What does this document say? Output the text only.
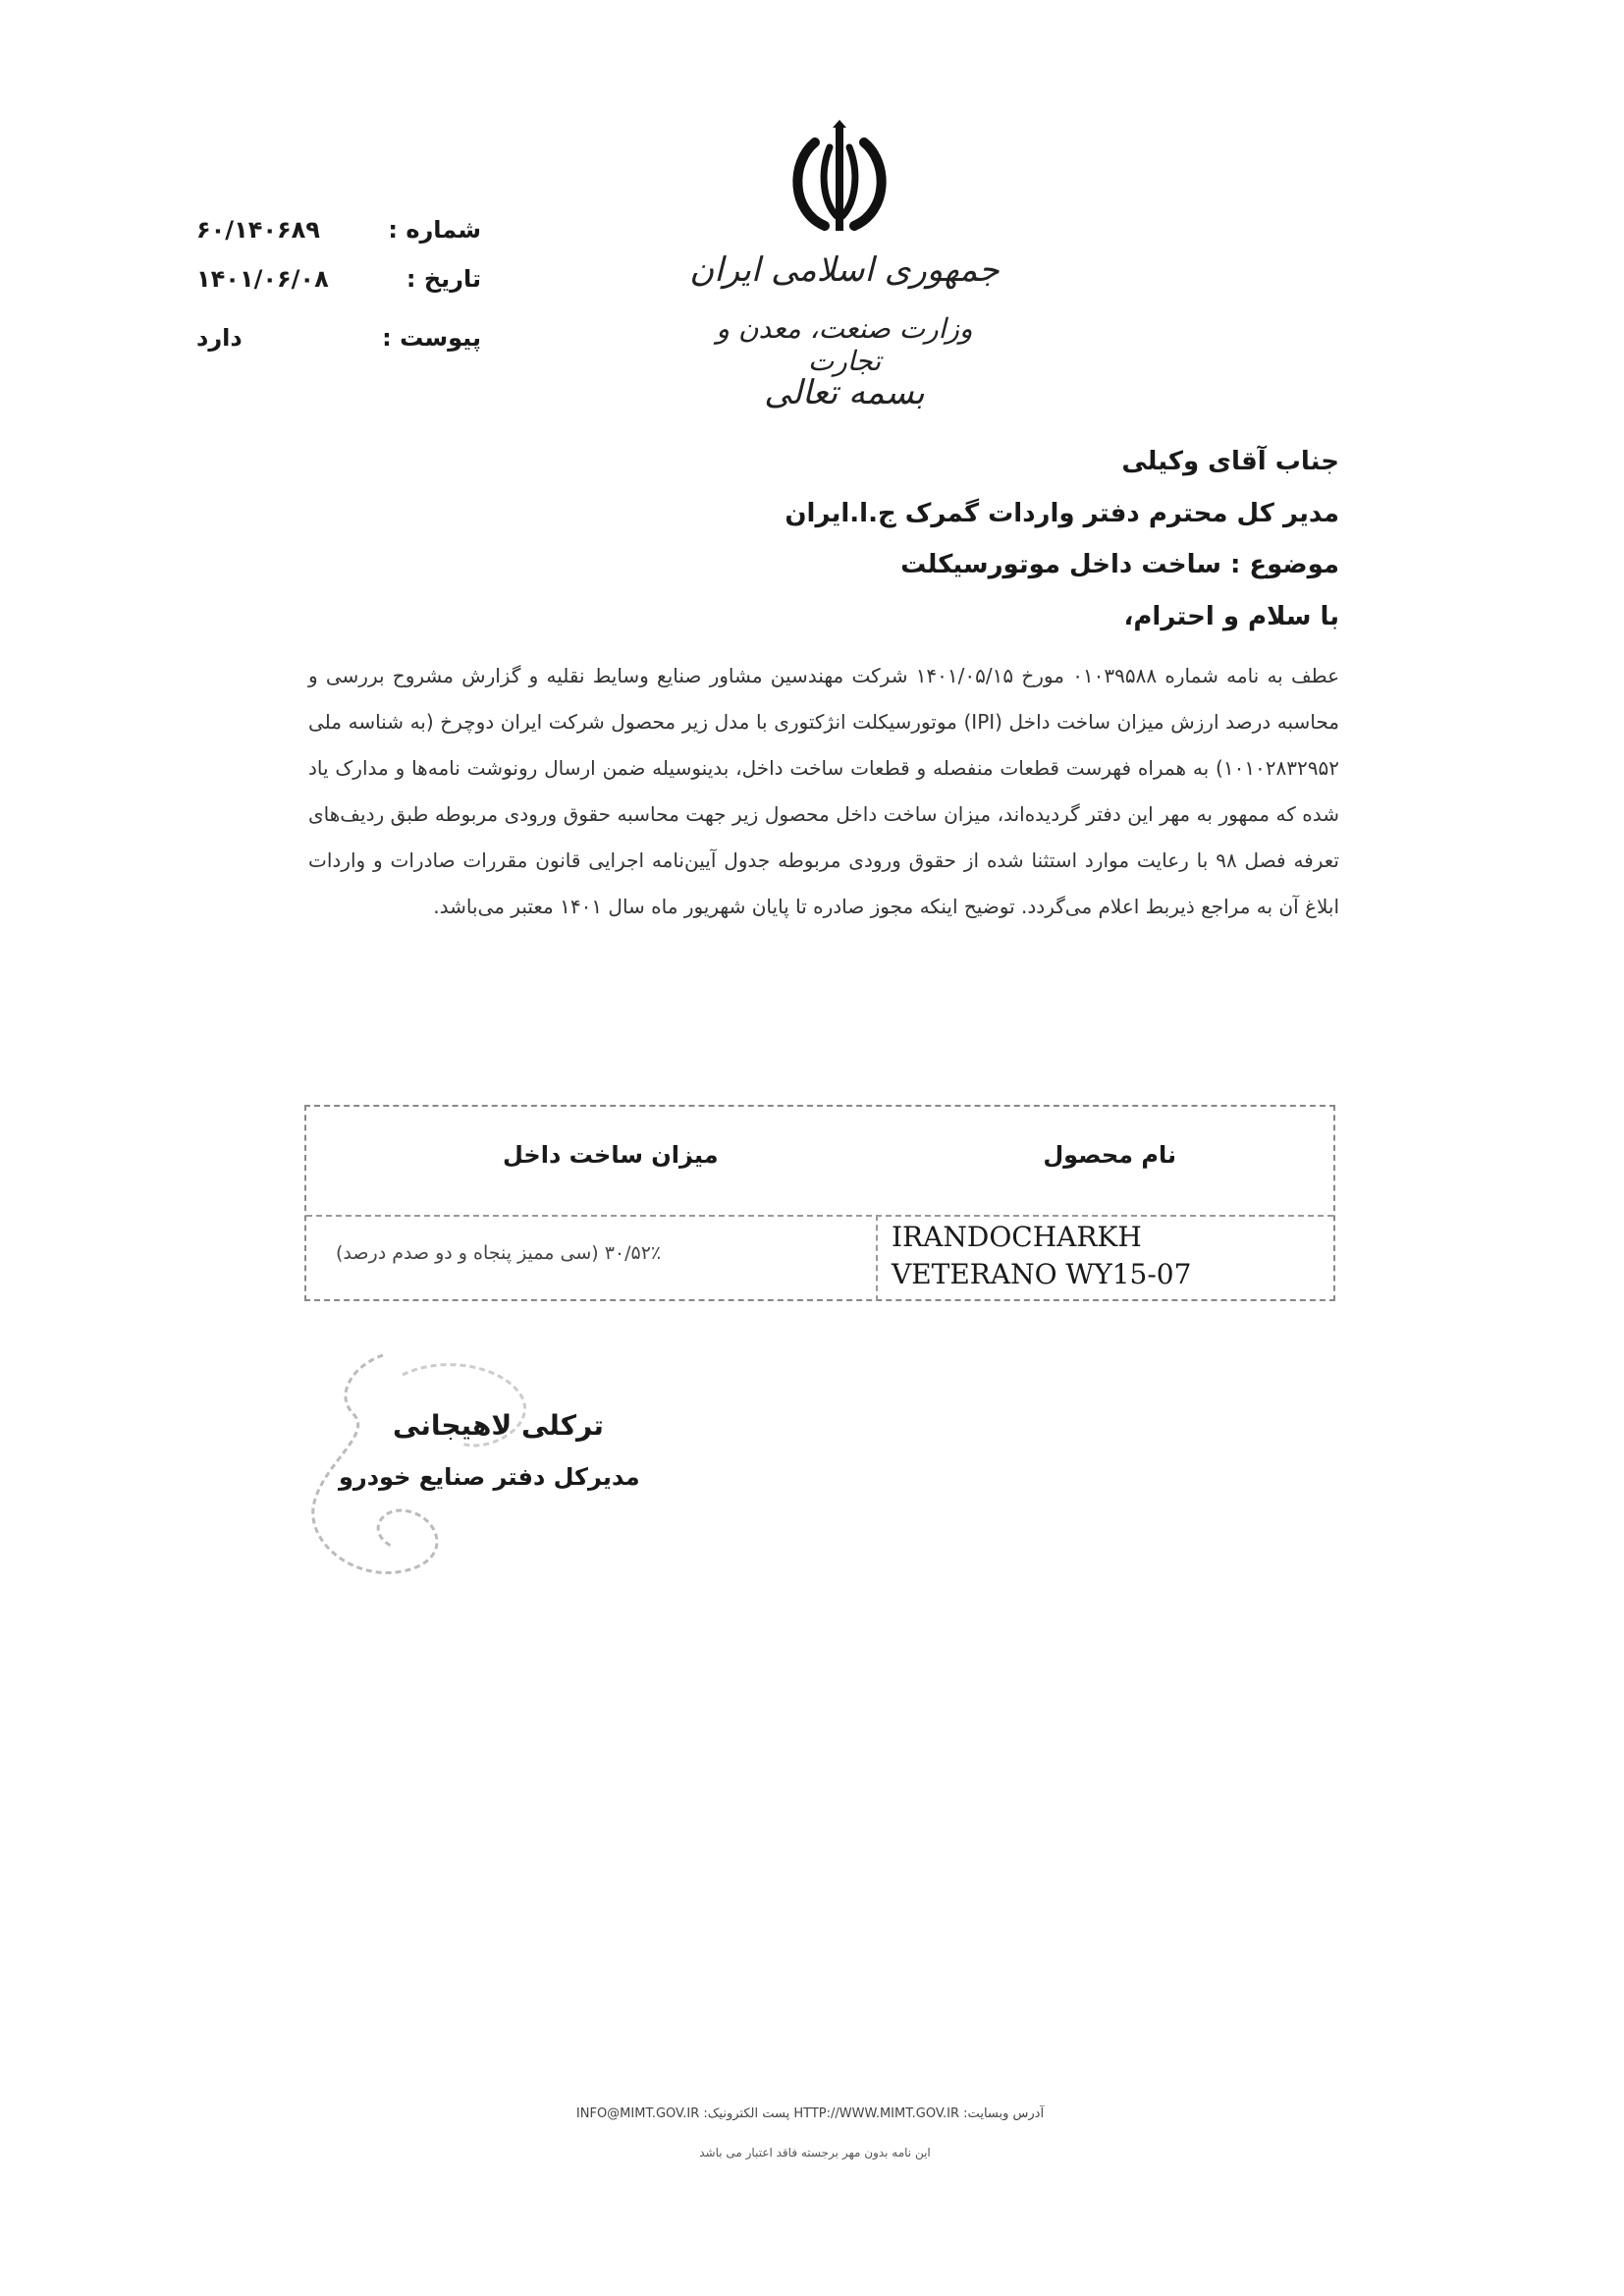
جمهوری اسلامی ایران
وزارت صنعت، معدن و تجارت
بسمه تعالی
شماره :
۶۰/۱۴۰۶۸۹
تاریخ :
۱۴۰۱/۰۶/۰۸
پیوست :
دارد
جناب آقای وکیلی
مدیر کل محترم دفتر واردات گمرک ج.ا.ایران
موضوع : ساخت داخل موتورسیکلت
با سلام و احترام،
عطف به نامه شماره ۰۱۰۳۹۵۸۸ مورخ ۱۴۰۱/۰۵/۱۵ شرکت مهندسین مشاور صنایع وسایط نقلیه و گزارش مشروح بررسی و محاسبه درصد ارزش میزان ساخت داخل (IPI) موتورسیکلت انژکتوری با مدل زیر محصول شرکت ایران دوچرخ (به شناسه ملی ۱۰۱۰۲۸۳۲۹۵۲) به همراه فهرست قطعات منفصله و قطعات ساخت داخل، بدینوسیله ضمن ارسال رونوشت نامه‌ها و مدارک یاد شده که ممهور به مهر این دفتر گردیده‌اند، میزان ساخت داخل محصول زیر جهت محاسبه حقوق ورودی مربوطه طبق ردیف‌های تعرفه فصل ۹۸ با رعایت موارد استثنا شده از حقوق ورودی مربوطه جدول آیین‌نامه اجرایی قانون مقررات صادرات و واردات ابلاغ آن به مراجع ذیربط اعلام می‌گردد. توضیح اینکه مجوز صادره تا پایان شهریور ماه سال ۱۴۰۱ معتبر می‌باشد.
نام محصول
میزان ساخت داخل
IRANDOCHARKH VETERANO WY15-07
۳۰/۵۲٪ (سی ممیز پنجاه و دو صدم درصد)
ترکلی لاهیجانی
مدیرکل دفتر صنایع خودرو
آدرس وبسایت: HTTP://WWW.MIMT.GOV.IR پست الکترونیک: INFO@MIMT.GOV.IR
این نامه بدون مهر برجسته فاقد اعتبار می باشد
